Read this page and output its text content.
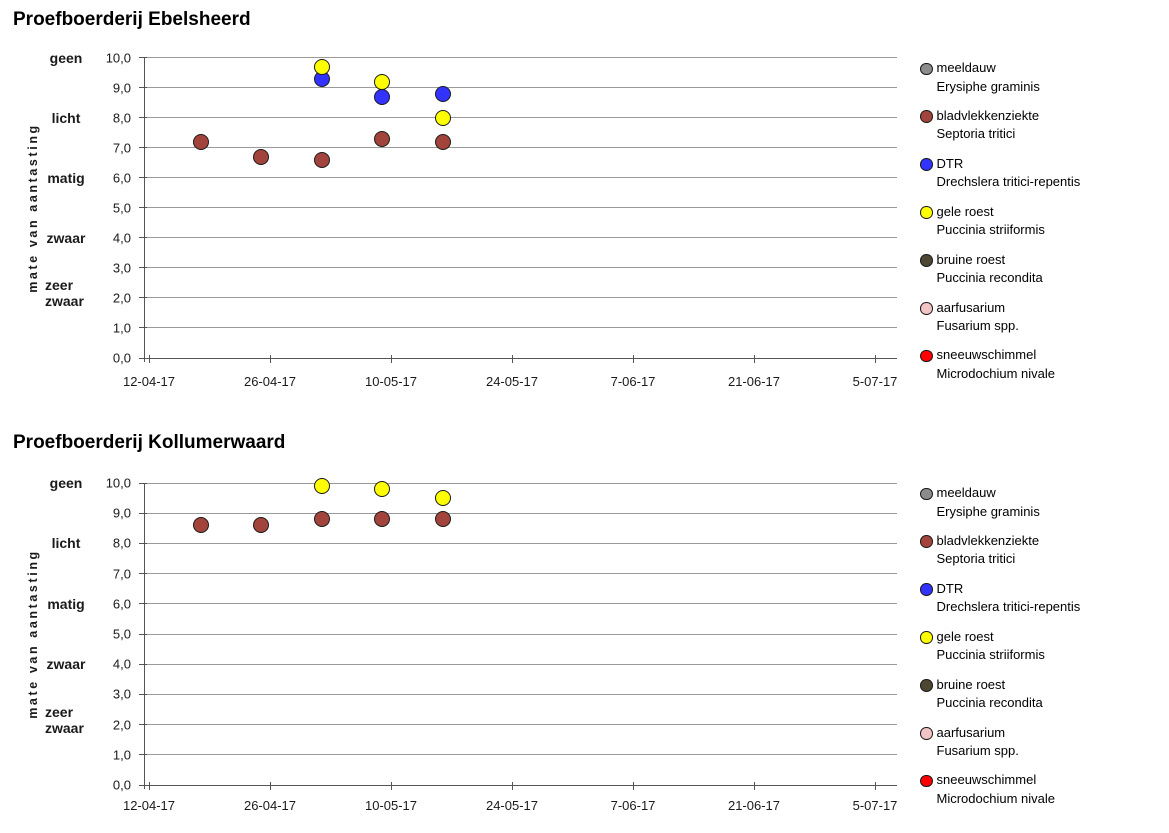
Proefboerderij Ebelsheerd
mate van aantasting
10,0
9,0
8,0
7,0
6,0
5,0
4,0
3,0
2,0
1,0
0,0
geen
licht
matig
zwaar
zeer
zwaar
12-04-17	26-04-17	10-05-17	24-05-17	7-06-17	21-06-17	5-07-17
meeldauw
Erysiphe graminis
bladvlekkenziekte
Septoria tritici
DTR
Drechslera tritici-repentis
gele roest
Puccinia striiformis
bruine roest
Puccinia recondita
aarfusarium
Fusarium spp.
sneeuwschimmel
Microdochium nivale
Proefboerderij Kollumerwaard
mate van aantasting
10,0
9,0
8,0
7,0
6,0
5,0
4,0
3,0
2,0
1,0
0,0
geen
licht
matig
zwaar
zeer
zwaar
12-04-17	26-04-17	10-05-17	24-05-17	7-06-17	21-06-17	5-07-17
meeldauw
Erysiphe graminis
bladvlekkenziekte
Septoria tritici
DTR
Drechslera tritici-repentis
gele roest
Puccinia striiformis
bruine roest
Puccinia recondita
aarfusarium
Fusarium spp.
sneeuwschimmel
Microdochium nivale
